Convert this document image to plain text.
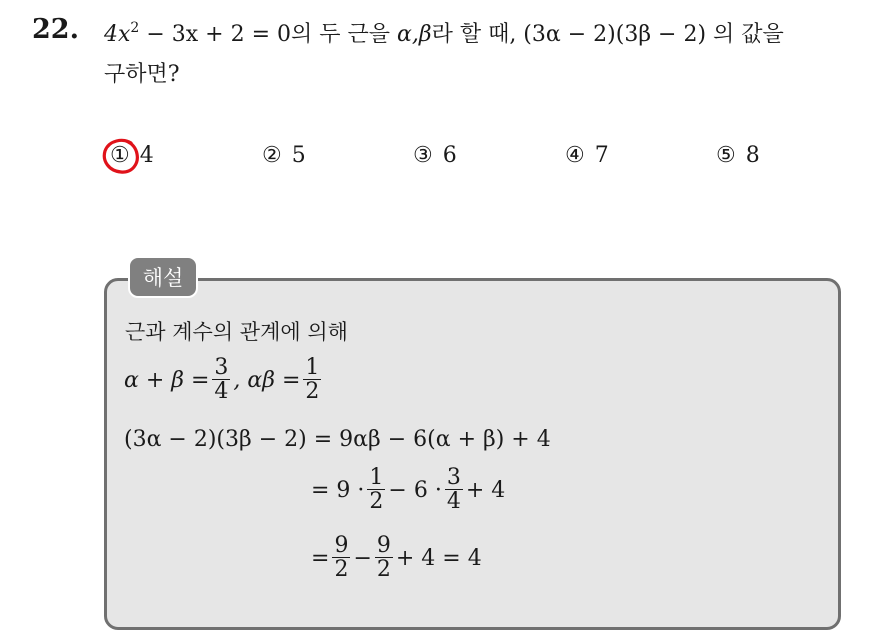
22. $4x^2 - 3x + 2 = 0$의 두 근을 α,β라 할 때, (3α − 2)(3β − 2) 의 값을
구하면?
① 4	② 5	③ 6	④ 7	⑤ 8
해설
근과 계수의 관계에 의해
$\alpha + \beta = \frac{3}{4}$ , $\alpha\beta = \frac{1}{2}$
(3α − 2)(3β − 2) = 9αβ − 6(α + β) + 4
= $9 \cdot \frac{1}{2} - 6 \cdot \frac{3}{4} + 4$
= $\frac{9}{2} - \frac{9}{2} + 4 = 4$
